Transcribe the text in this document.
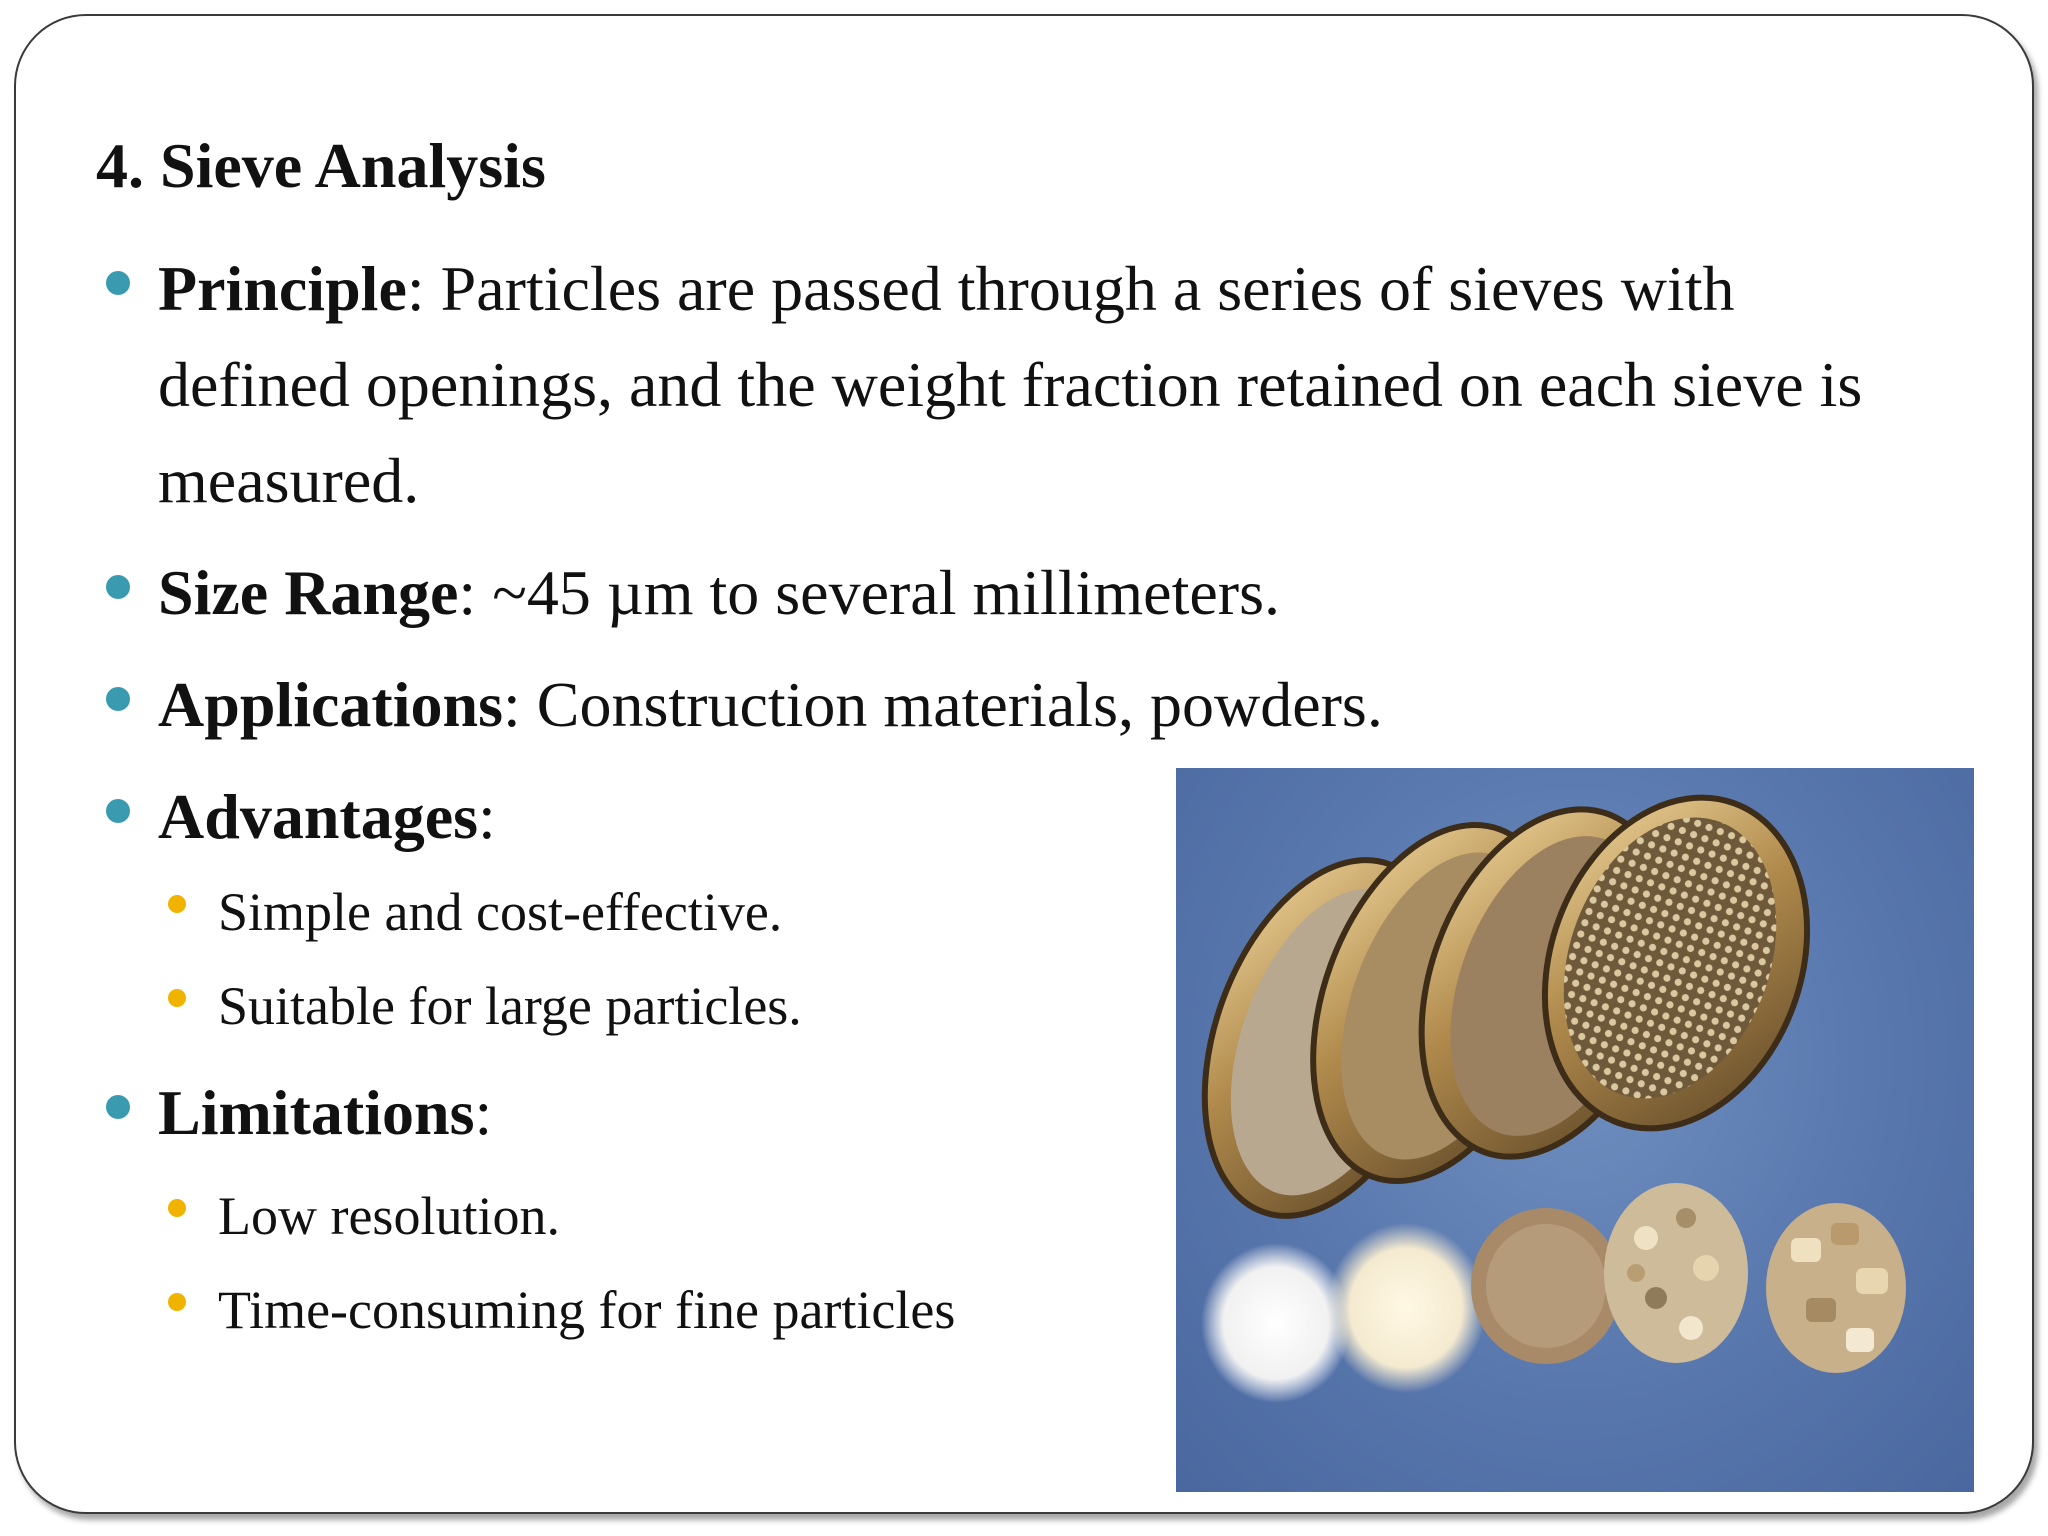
4. Sieve Analysis
Principle: Particles are passed through a series of sieves with defined openings, and the weight fraction retained on each sieve is measured.
Size Range: ~45 µm to several millimeters.
Applications: Construction materials, powders.
Advantages:
Simple and cost-effective.
Suitable for large particles.
Limitations:
Low resolution.
Time-consuming for fine particles
